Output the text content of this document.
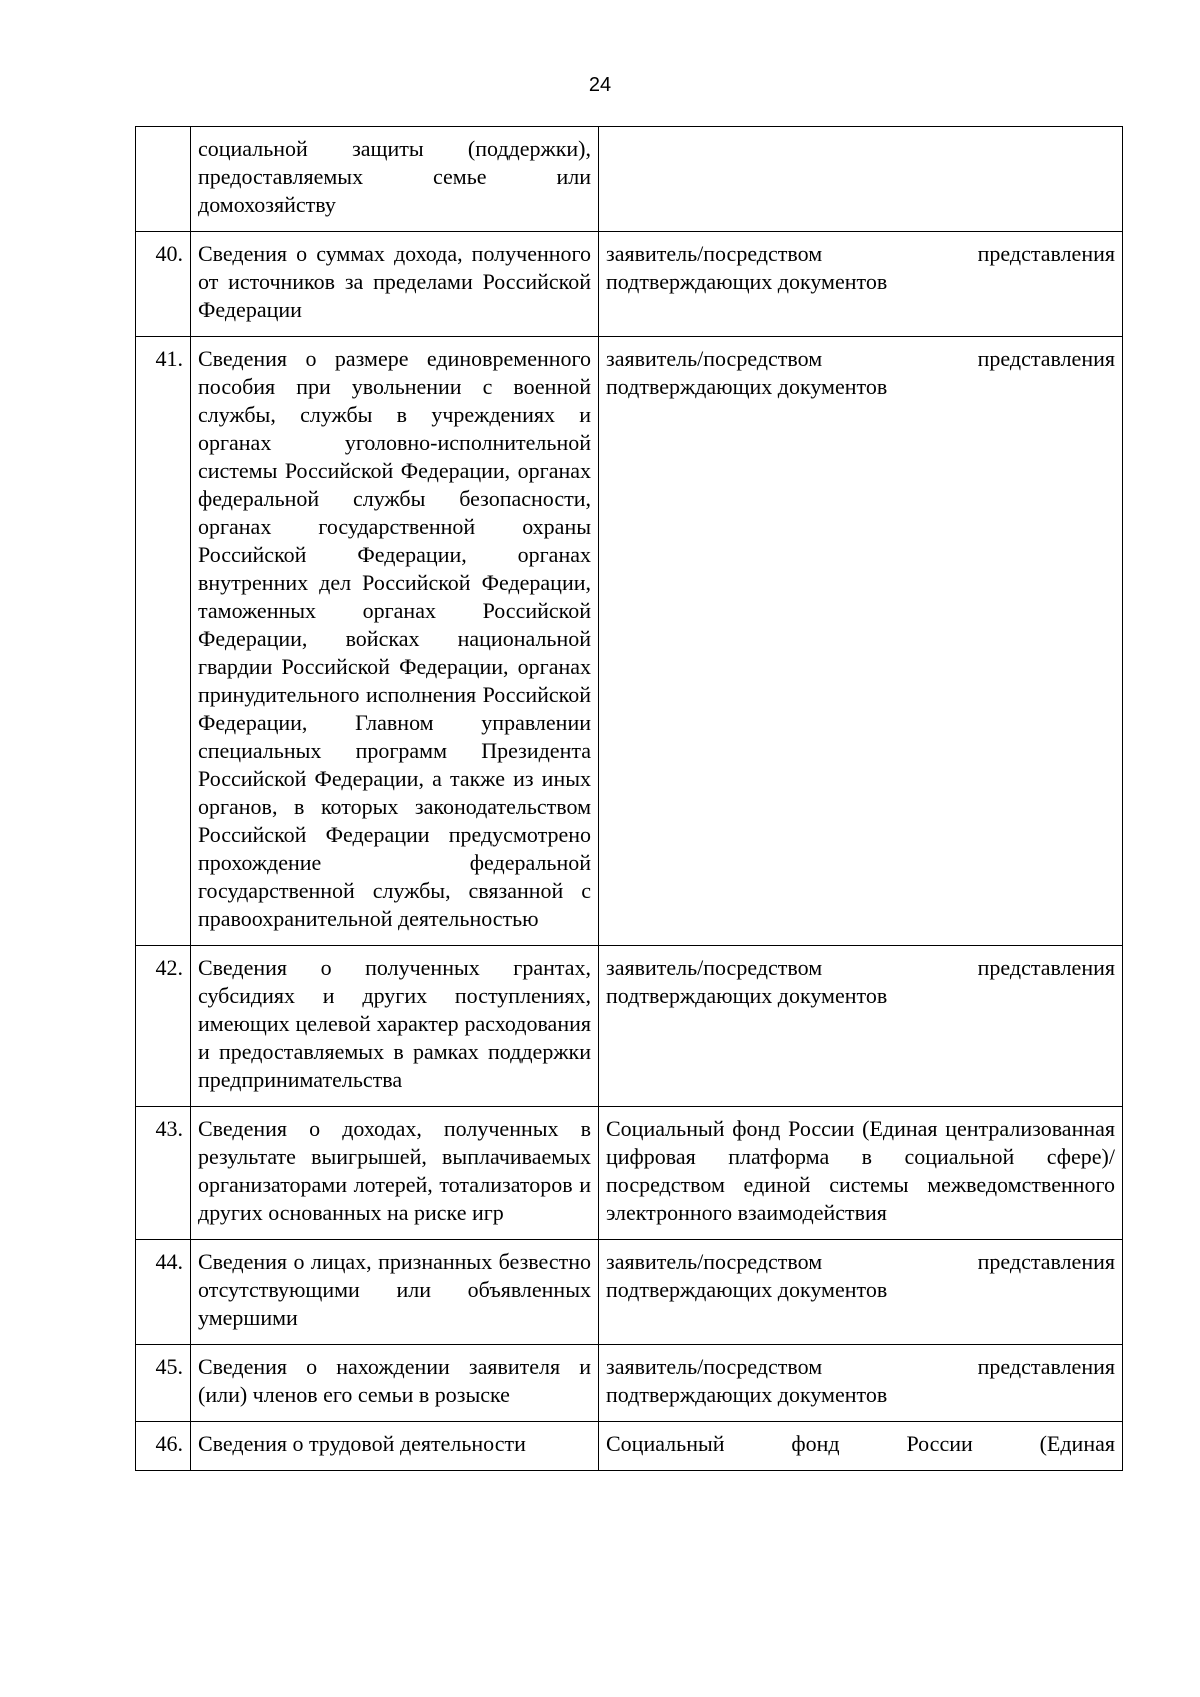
24
	социальной защиты (поддержки), предоставляемых семье или домохозяйству	
40.	Сведения о суммах дохода, полученного от источников за пределами Российской Федерации	заявитель/посредством представления подтверждающих документов
41.	Сведения о размере единовременного пособия при увольнении с военной службы, службы в учреждениях и органах уголовно-исполнительной системы Российской Федерации, органах федеральной службы безопасности, органах государственной охраны Российской Федерации, органах внутренних дел Российской Федерации, таможенных органах Российской Федерации, войсках национальной гвардии Российской Федерации, органах принудительного исполнения Российской Федерации, Главном управлении специальных программ Президента Российской Федерации, а также из иных органов, в которых законодательством Российской Федерации предусмотрено прохождение федеральной государственной службы, связанной с правоохранительной деятельностью	заявитель/посредством представления подтверждающих документов
42.	Сведения о полученных грантах, субсидиях и других поступлениях, имеющих целевой характер расходования и предоставляемых в рамках поддержки предпринимательства	заявитель/посредством представления подтверждающих документов
43.	Сведения о доходах, полученных в результате выигрышей, выплачиваемых организаторами лотерей, тотализаторов и других основанных на риске игр	Социальный фонд России (Единая централизованная цифровая платформа в социальной сфере)/посредством единой системы межведомственного электронного взаимодействия
44.	Сведения о лицах, признанных безвестно отсутствующими или объявленных умершими	заявитель/посредством представления подтверждающих документов
45.	Сведения о нахождении заявителя и (или) членов его семьи в розыске	заявитель/посредством представления подтверждающих документов
46.	Сведения о трудовой деятельности	Социальный фонд России (Единая
